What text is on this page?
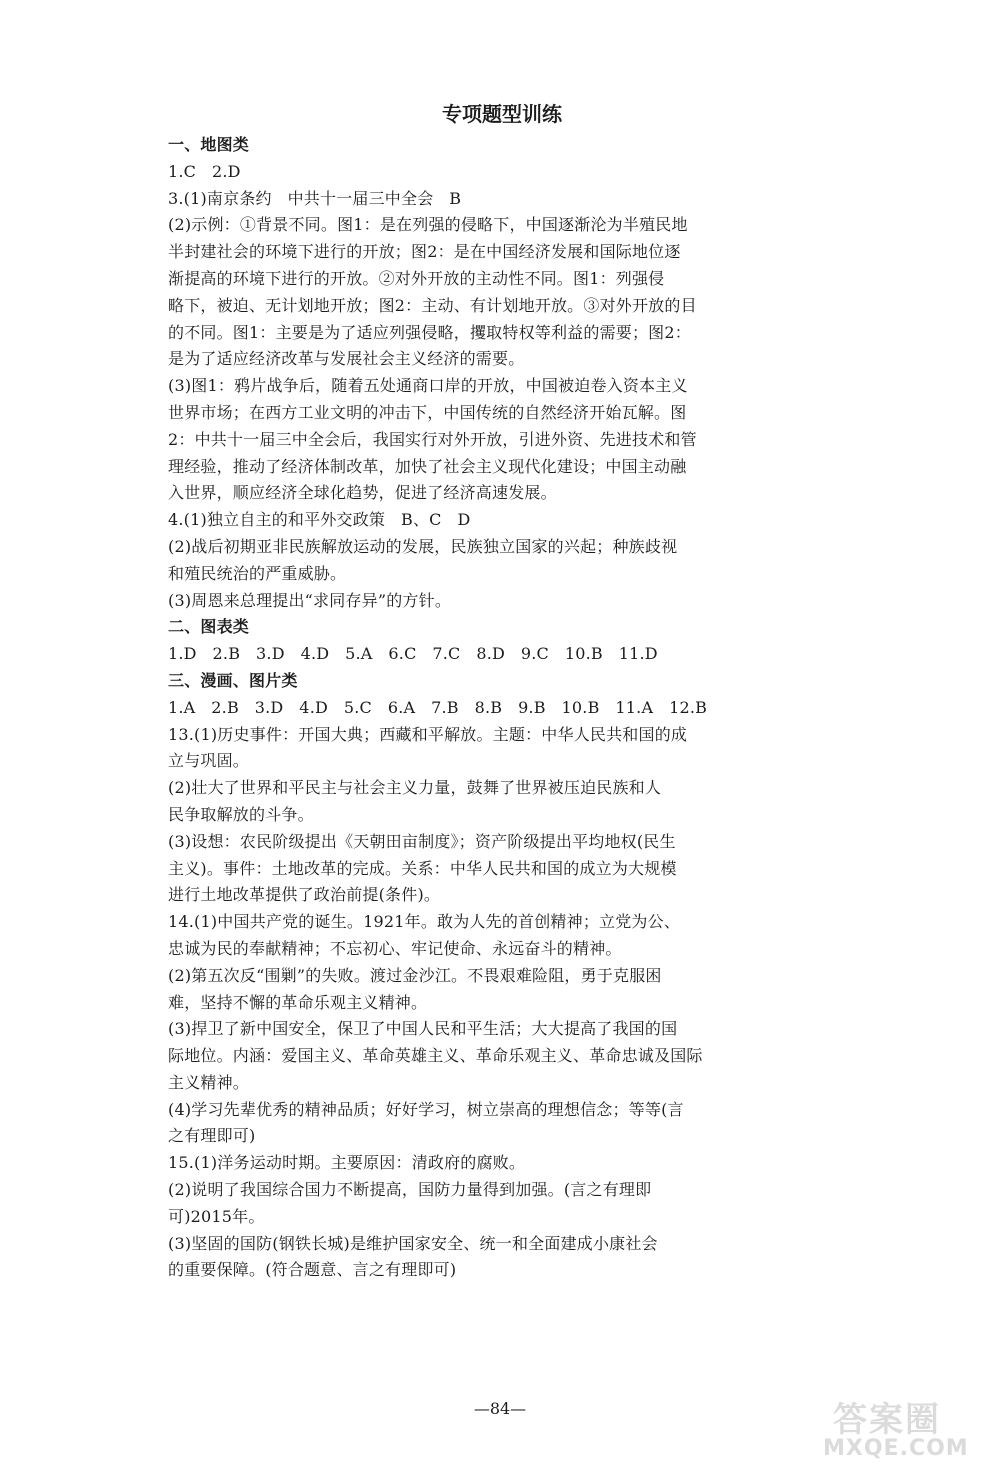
专项题型训练
一、地图类
1.C   2.D
3.(1)南京条约   中共十一届三中全会   B
(2)示例：①背景不同。图1：是在列强的侵略下，中国逐渐沦为半殖民地
半封建社会的环境下进行的开放；图2：是在中国经济发展和国际地位逐
渐提高的环境下进行的开放。②对外开放的主动性不同。图1：列强侵
略下，被迫、无计划地开放；图2：主动、有计划地开放。③对外开放的目
的不同。图1：主要是为了适应列强侵略，攫取特权等利益的需要；图2：
是为了适应经济改革与发展社会主义经济的需要。
(3)图1：鸦片战争后，随着五处通商口岸的开放，中国被迫卷入资本主义
世界市场；在西方工业文明的冲击下，中国传统的自然经济开始瓦解。图
2：中共十一届三中全会后，我国实行对外开放，引进外资、先进技术和管
理经验，推动了经济体制改革，加快了社会主义现代化建设；中国主动融
入世界，顺应经济全球化趋势，促进了经济高速发展。
4.(1)独立自主的和平外交政策   B、C   D
(2)战后初期亚非民族解放运动的发展，民族独立国家的兴起；种族歧视
和殖民统治的严重威胁。
(3)周恩来总理提出“求同存异”的方针。
二、图表类
1.D   2.B   3.D   4.D   5.A   6.C   7.C   8.D   9.C   10.B   11.D
三、漫画、图片类
1.A   2.B   3.D   4.D   5.C   6.A   7.B   8.B   9.B   10.B   11.A   12.B
13.(1)历史事件：开国大典；西藏和平解放。主题：中华人民共和国的成
立与巩固。
(2)壮大了世界和平民主与社会主义力量，鼓舞了世界被压迫民族和人
民争取解放的斗争。
(3)设想：农民阶级提出《天朝田亩制度》；资产阶级提出平均地权(民生
主义)。事件：土地改革的完成。关系：中华人民共和国的成立为大规模
进行土地改革提供了政治前提(条件)。
14.(1)中国共产党的诞生。1921年。敢为人先的首创精神；立党为公、
忠诚为民的奉献精神；不忘初心、牢记使命、永远奋斗的精神。
(2)第五次反“围剿”的失败。渡过金沙江。不畏艰难险阻，勇于克服困
难，坚持不懈的革命乐观主义精神。
(3)捍卫了新中国安全，保卫了中国人民和平生活；大大提高了我国的国
际地位。内涵：爱国主义、革命英雄主义、革命乐观主义、革命忠诚及国际
主义精神。
(4)学习先辈优秀的精神品质；好好学习，树立崇高的理想信念；等等(言
之有理即可)
15.(1)洋务运动时期。主要原因：清政府的腐败。
(2)说明了我国综合国力不断提高，国防力量得到加强。(言之有理即
可)2015年。
(3)坚固的国防(钢铁长城)是维护国家安全、统一和全面建成小康社会
的重要保障。(符合题意、言之有理即可)
—84—	答案圈
MXQE.COM
